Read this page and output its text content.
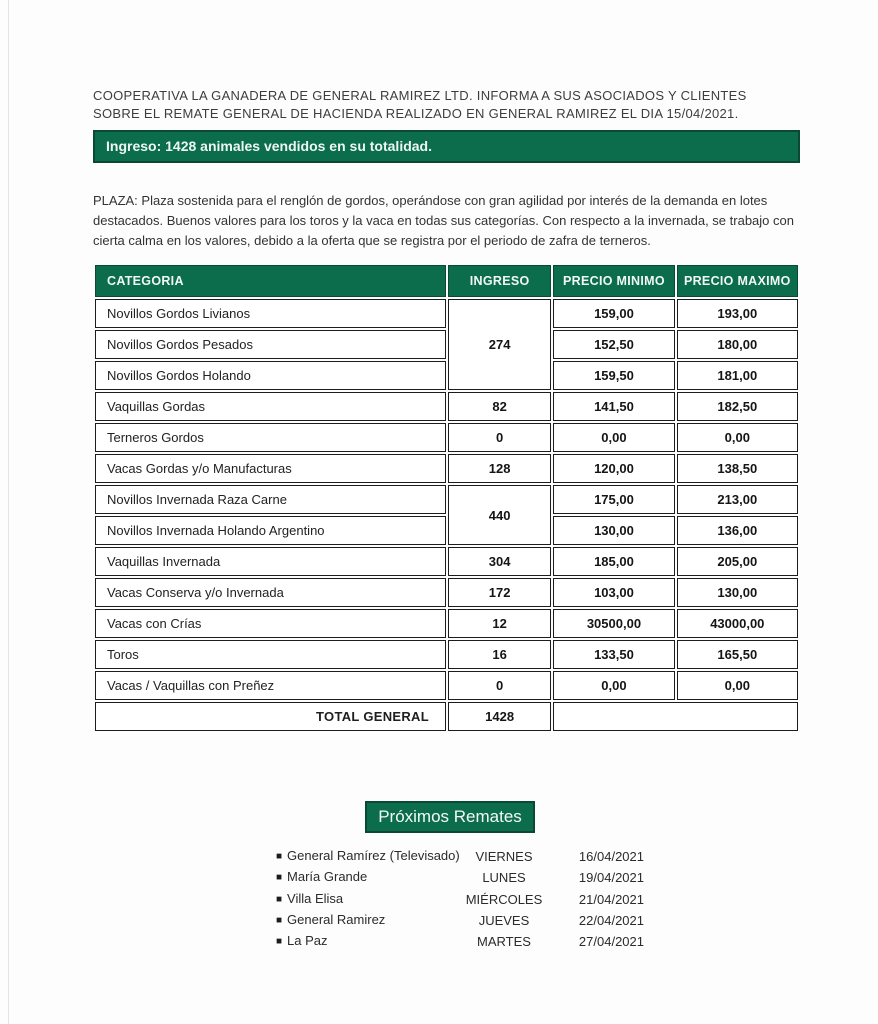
COOPERATIVA LA GANADERA DE GENERAL RAMIREZ LTD. INFORMA A SUS ASOCIADOS Y CLIENTES SOBRE EL REMATE GENERAL DE HACIENDA REALIZADO EN GENERAL RAMIREZ EL DIA 15/04/2021.
Ingreso: 1428 animales vendidos en su totalidad.
PLAZA: Plaza sostenida para el renglón de gordos, operándose con gran agilidad por interés de la demanda en lotes destacados. Buenos valores para los toros y la vaca en todas sus categorías. Con respecto a la invernada, se trabajo con cierta calma en los valores, debido a la oferta que se registra por el periodo de zafra de terneros.
CATEGORIA	INGRESO	PRECIO MINIMO	PRECIO MAXIMO
Novillos Gordos Livianos	274	159,00	193,00
Novillos Gordos Pesados		152,50	180,00
Novillos Gordos Holando		159,50	181,00
Vaquillas Gordas	82	141,50	182,50
Terneros Gordos	0	0,00	0,00
Vacas Gordas y/o Manufacturas	128	120,00	138,50
Novillos Invernada Raza Carne	440	175,00	213,00
Novillos Invernada Holando Argentino		130,00	136,00
Vaquillas Invernada	304	185,00	205,00
Vacas Conserva y/o Invernada	172	103,00	130,00
Vacas con Crías	12	30500,00	43000,00
Toros	16	133,50	165,50
Vacas / Vaquillas con Preñez	0	0,00	0,00
TOTAL GENERAL	1428		
Próximos Remates
■ General Ramírez (Televisado)	VIERNES	16/04/2021
■ María Grande	LUNES	19/04/2021
■ Villa Elisa	MIÉRCOLES	21/04/2021
■ General Ramirez	JUEVES	22/04/2021
■ La Paz	MARTES	27/04/2021
